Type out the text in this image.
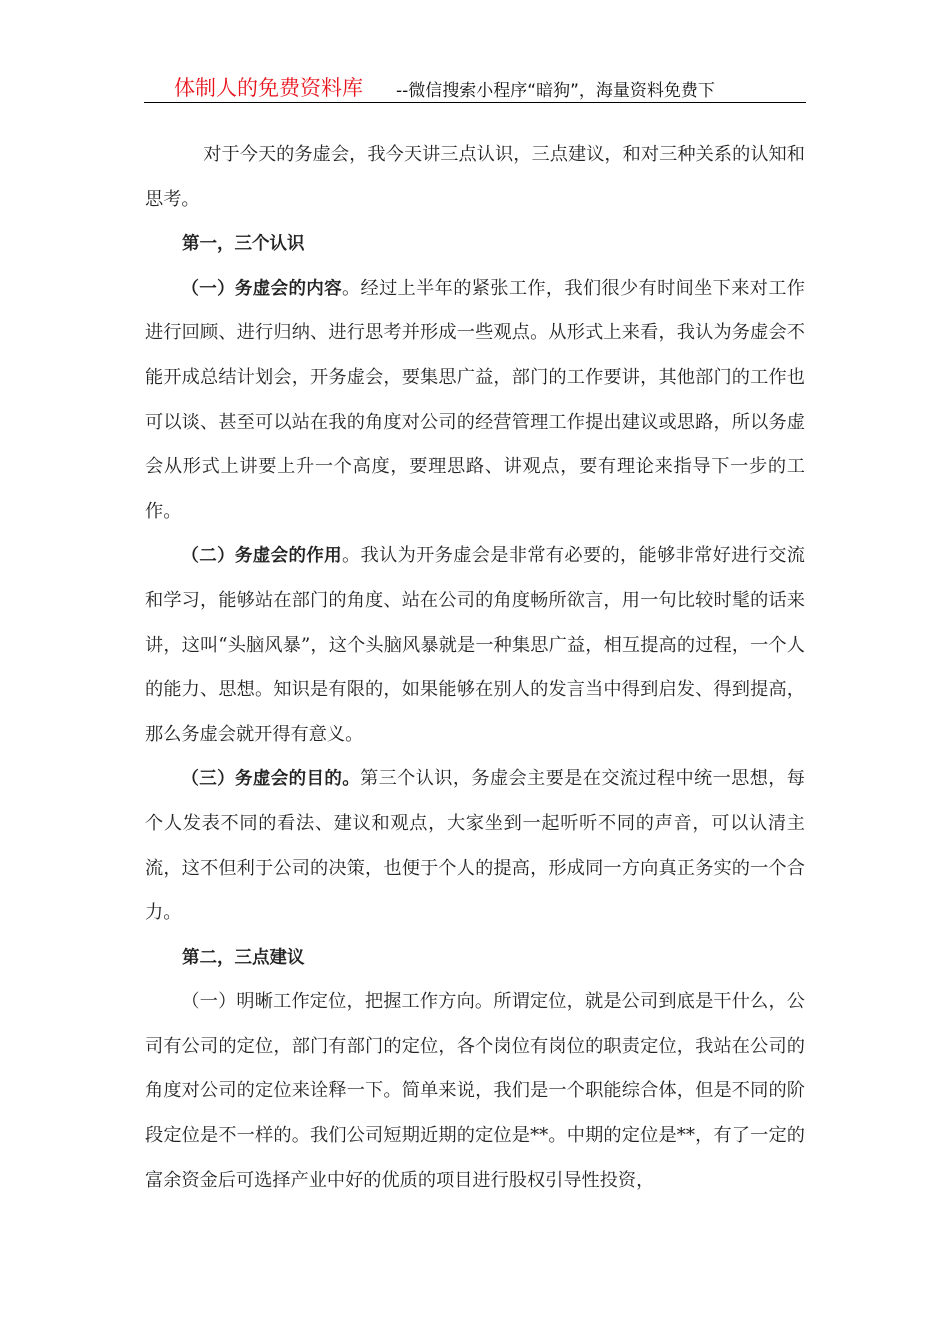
体制人的免费资料库 --微信搜索小程序“暗狗”，海量资料免费下

对于今天的务虚会，我今天讲三点认识，三点建议，和对三种关系的认知和思考。

第一，三个认识

（一）务虚会的内容。经过上半年的紧张工作，我们很少有时间坐下来对工作进行回顾、进行归纳、进行思考并形成一些观点。从形式上来看，我认为务虚会不能开成总结计划会，开务虚会，要集思广益，部门的工作要讲，其他部门的工作也可以谈、甚至可以站在我的角度对公司的经营管理工作提出建议或思路，所以务虚会从形式上讲要上升一个高度，要理思路、讲观点，要有理论来指导下一步的工作。

（二）务虚会的作用。我认为开务虚会是非常有必要的，能够非常好进行交流和学习，能够站在部门的角度、站在公司的角度畅所欲言，用一句比较时髦的话来讲，这叫“头脑风暴”，这个头脑风暴就是一种集思广益，相互提高的过程，一个人的能力、思想。知识是有限的，如果能够在别人的发言当中得到启发、得到提高，那么务虚会就开得有意义。

（三）务虚会的目的。第三个认识，务虚会主要是在交流过程中统一思想，每个人发表不同的看法、建议和观点，大家坐到一起听听不同的声音，可以认清主流，这不但利于公司的决策，也便于个人的提高，形成同一方向真正务实的一个合力。

第二，三点建议

（一）明晰工作定位，把握工作方向。所谓定位，就是公司到底是干什么，公司有公司的定位，部门有部门的定位，各个岗位有岗位的职责定位，我站在公司的角度对公司的定位来诠释一下。简单来说，我们是一个职能综合体，但是不同的阶段定位是不一样的。我们公司短期近期的定位是**。中期的定位是**，有了一定的富余资金后可选择产业中好的优质的项目进行股权引导性投资，
